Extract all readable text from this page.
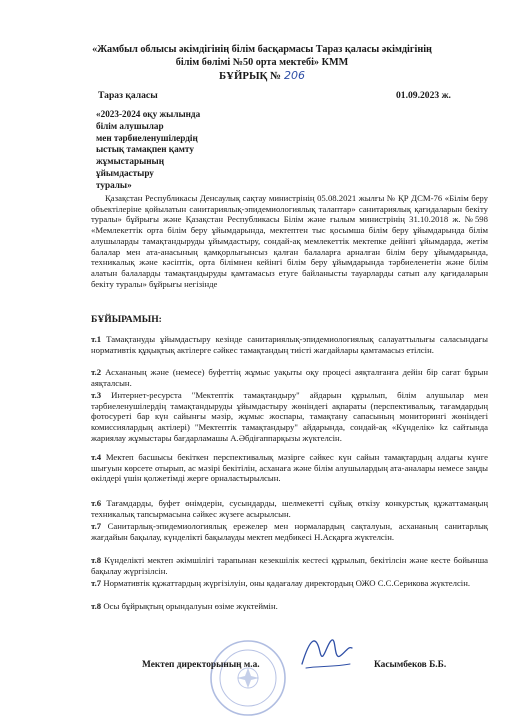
«Жамбыл облысы әкімдігінің білім басқармасы Тараз қаласы әкімдігінің
білім бөлімі №50 орта мектебі» КММ
БҰЙРЫҚ № 206
Тараз қаласы	01.09.2023 ж.
«2023-2024 оқу жылында
білім алушылар
мен тәрбиеленушілердің
ыстық тамақпен қамту
жұмыстарының
ұйымдастыру
туралы»
Қазақстан Республикасы Денсаулық сақтау министрінің 05.08.2021 жылғы № ҚР ДСМ-76 «Білім беру объектілеріне қойылатын санитариялық-эпидемиологиялық талаптар» санитариялық қағидаларын бекіту туралы» бұйрығы және Қазақстан Республикасы Білім және ғылым министрінің 31.10.2018 ж. №598 «Мемлекеттік орта білім беру ұйымдарында, мектептен тыс қосымша білім беру ұйымдарында білім алушыларды тамақтандыруды ұйымдастыру, сондай-ақ мемлекеттік мектепке дейінгі ұйымдарда, жетім балалар мен ата-анасының қамқорлығынсыз қалған балаларға арналған білім беру ұйымдарында, техникалық және кәсіптік, орта білімнен кейінгі білім беру ұйымдарында тәрбиеленетін және білім алатын балаларды тамақтандыруды қамтамасыз етуге байланысты тауарларды сатып алу қағидаларын бекіту туралы» бұйрығы негізінде
БҰЙЫРАМЫН:
т.1 Тамақтануды ұйымдастыру кезінде санитариялық-эпидемиологиялық салауаттылығы саласындағы нормативтік құқықтық актілерге сәйкес тамақтандың тиісті жағдайлары қамтамасыз етілсін.
т.2 Асхананың және (немесе) буфеттің жұмыс уақыты оқу процесі аяқталғанға дейін бір сағат бұрын аяқталсын.
т.3 Интернет-ресурста "Мектептік тамақтандыру" айдарын құрылып, білім алушылар мен тәрбиеленушілердің тамақтандыруды ұйымдастыру жөніндегі ақпараты (перспективалық, тағамдардың фотосуреті бар күн сайынғы мәзір, жұмыс жоспары, тамақтану сапасының мониторингі жөніндегі комиссиялардың актілері) "Мектептік тамақтандыру" айдарында, сондай-ақ «Күнделік» kz сайтында жариялау жұмыстары бағдарламашы А.Әбдіғаппарқызы жүктелсін.
т.4 Мектеп басшысы бекіткен перспективалық мәзірге сәйкес күн сайын тамақтардың алдағы күнге шығуын көрсете отырып, ас мәзірі бекітілін, асханаға және білім алушылардың ата-аналары немесе заңды өкілдері үшін қолжетімді жерге орналастырылсын.
т.6 Тағамдарды, буфет өнімдерін, сусындарды, шелмекетті сұйық өткізу конкурстық құжаттамаңың техникалық тапсырмасына сәйкес жүзеге асырылсын.
т.7 Санитарлық-эпидемиологиялық ережелер мен нормалардың сақталуын, асхананың санитарлық жағдайын бақылау, күнделікті бақылауды мектеп медбикесі Н.Асқарға жүктелсін.
т.8 Күнделікті мектеп әкімшілігі тарапынан кезекшілік кестесі құрылып, бекітілсін және кесте бойынша бақылау жүргізілсін.
т.7 Нормативтік құжаттардың жүргізілуін, оны қадағалау директордың ОЖО С.С.Серикова жүктелсін.
т.8 Осы бұйрықтың орындалуын өзіме жүктеймін.
Мектеп директорының м.а.	Касымбеков Б.Б.
